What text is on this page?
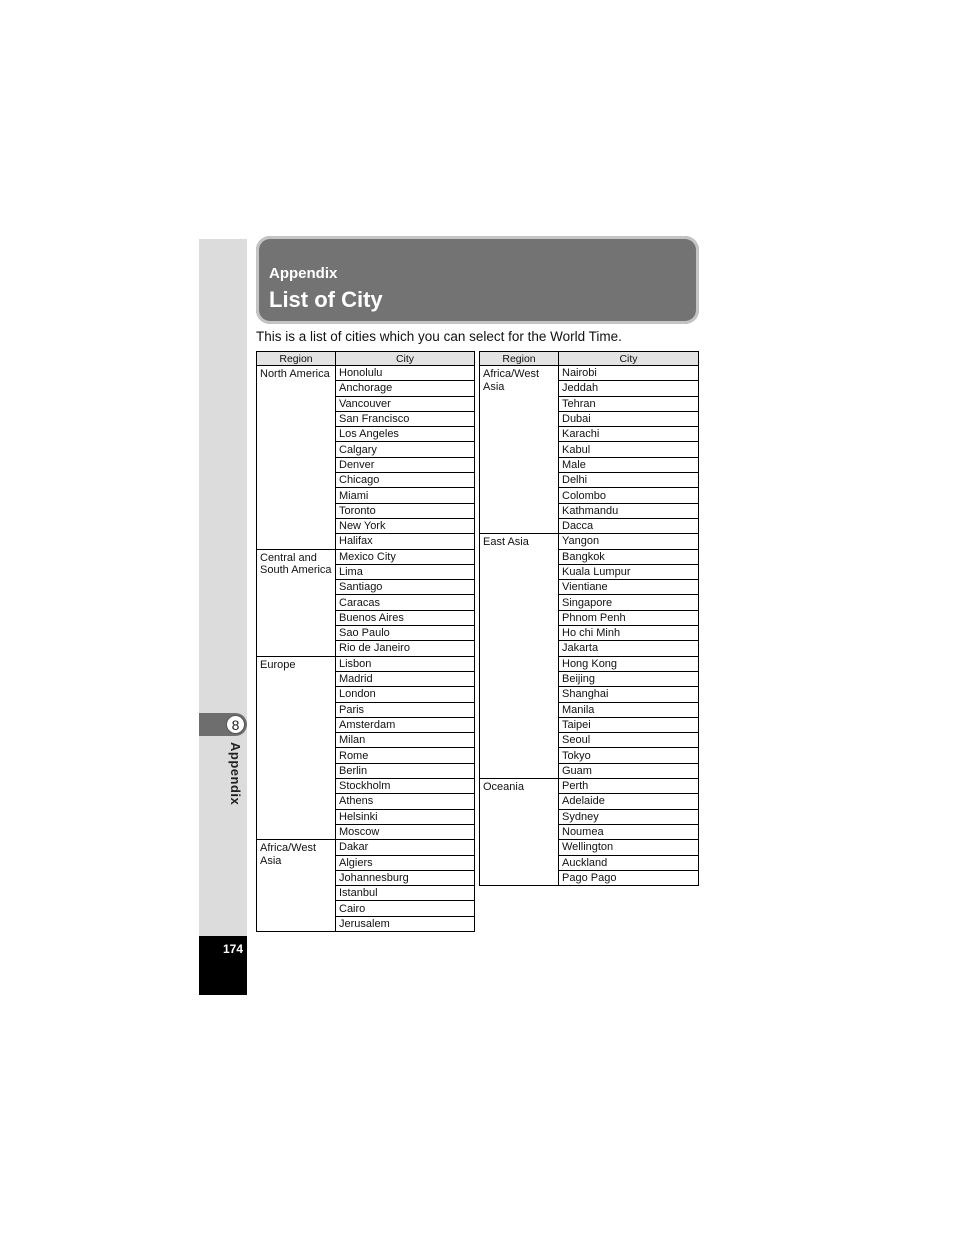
8
Appendix
174
Appendix
List of City
This is a list of cities which you can select for the World Time.
Region	City
North America	Honolulu
	Anchorage
	Vancouver
	San Francisco
	Los Angeles
	Calgary
	Denver
	Chicago
	Miami
	Toronto
	New York
	Halifax
Central and South America	Mexico City
	Lima
	Santiago
	Caracas
	Buenos Aires
	Sao Paulo
	Rio de Janeiro
Europe	Lisbon
	Madrid
	London
	Paris
	Amsterdam
	Milan
	Rome
	Berlin
	Stockholm
	Athens
	Helsinki
	Moscow
Africa/West Asia	Dakar
	Algiers
	Johannesburg
	Istanbul
	Cairo
	Jerusalem
Region	City
Africa/West Asia	Nairobi
	Jeddah
	Tehran
	Dubai
	Karachi
	Kabul
	Male
	Delhi
	Colombo
	Kathmandu
	Dacca
East Asia	Yangon
	Bangkok
	Kuala Lumpur
	Vientiane
	Singapore
	Phnom Penh
	Ho chi Minh
	Jakarta
	Hong Kong
	Beijing
	Shanghai
	Manila
	Taipei
	Seoul
	Tokyo
	Guam
Oceania	Perth
	Adelaide
	Sydney
	Noumea
	Wellington
	Auckland
	Pago Pago
